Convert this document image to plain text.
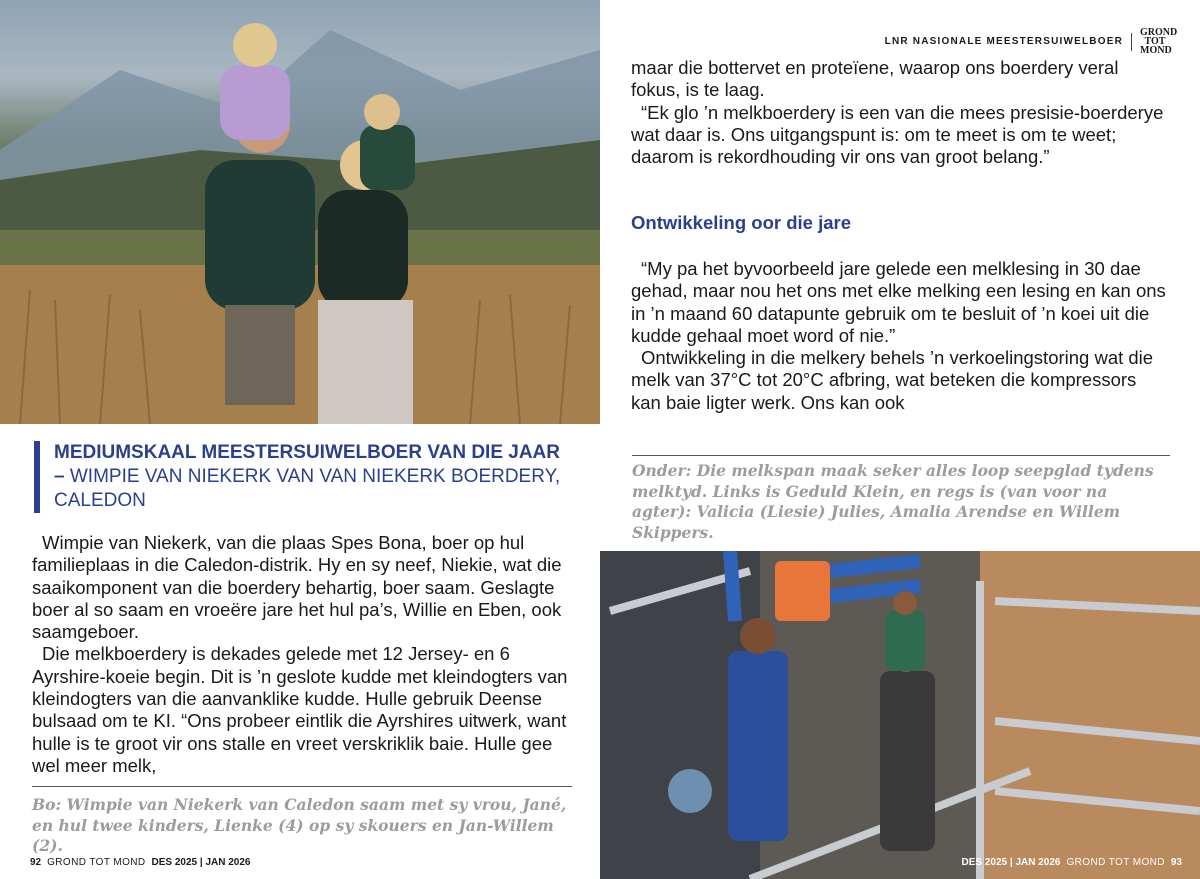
MEDIUMSKAAL MEESTERSUIWELBOER VAN DIE JAAR – WIMPIE VAN NIEKERK VAN VAN NIEKERK BOERDERY, CALEDON

Wimpie van Niekerk, van die plaas Spes Bona, boer op hul familieplaas in die Caledon-distrik. Hy en sy neef, Niekie, wat die saaikomponent van die boerdery behartig, boer saam. Geslagte boer al so saam en vroeëre jare het hul pa’s, Willie en Eben, ook saamgeboer.

Die melkboerdery is dekades gelede met 12 Jersey- en 6 Ayrshire-koeie begin. Dit is ’n geslote kudde met kleindogters van kleindogters van die aanvanklike kudde. Hulle gebruik Deense bulsaad om te KI. “Ons probeer eintlik die Ayrshires uitwerk, want hulle is te groot vir ons stalle en vreet verskriklik baie. Hulle gee wel meer melk,

Bo: Wimpie van Niekerk van Caledon saam met sy vrou, Jané, en hul twee kinders, Lienke (4) op sy skouers en Jan-Willem (2).
92 GROND TOT MOND DES 2025 | JAN 2026
LNR NASIONALE MEESTERSUIWELBOER
GROND TOT MOND

maar die bottervet en proteïene, waarop ons boerdery veral fokus, is te laag.

“Ek glo ’n melkboerdery is een van die mees presisie-boerderye wat daar is. Ons uitgangspunt is: om te meet is om te weet; daarom is rekordhouding vir ons van groot belang.”

Ontwikkeling oor die jare

“My pa het byvoorbeeld jare gelede een melklesing in 30 dae gehad, maar nou het ons met elke melking een lesing en kan ons in ’n maand 60 datapunte gebruik om te besluit of ’n koei uit die kudde gehaal moet word of nie.”

Ontwikkeling in die melkery behels ’n verkoelingstoring wat die melk van 37°C tot 20°C afbring, wat beteken die kompressors kan baie ligter werk. Ons kan ook

Onder: Die melkspan maak seker alles loop seepglad tydens melktyd. Links is Geduld Klein, en regs is (van voor na agter): Valicia (Liesie) Julies, Amalia Arendse en Willem Skippers.
DES 2025 | JAN 2026 GROND TOT MOND 93
